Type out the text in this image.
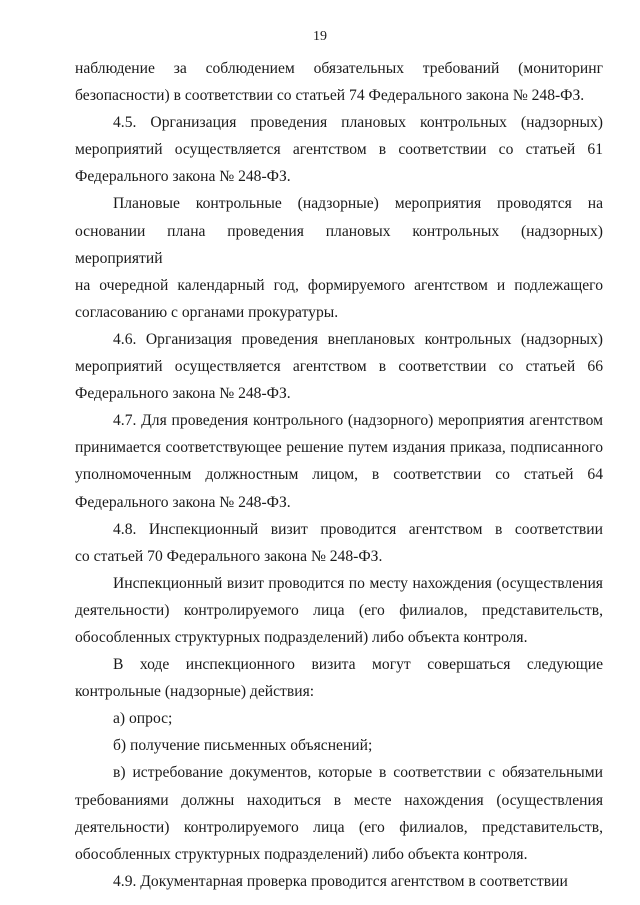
19

наблюдение за соблюдением обязательных требований (мониторинг
безопасности) в соответствии со статьей 74 Федерального закона № 248-ФЗ.

4.5. Организация проведения плановых контрольных (надзорных)
мероприятий осуществляется агентством в соответствии со статьей 61
Федерального закона № 248-ФЗ.

Плановые контрольные (надзорные) мероприятия проводятся на
основании плана проведения плановых контрольных (надзорных) мероприятий
на очередной календарный год, формируемого агентством и подлежащего
согласованию с органами прокуратуры.

4.6. Организация проведения внеплановых контрольных (надзорных)
мероприятий осуществляется агентством в соответствии со статьей 66
Федерального закона № 248-ФЗ.

4.7. Для проведения контрольного (надзорного) мероприятия агентством
принимается соответствующее решение путем издания приказа, подписанного
уполномоченным должностным лицом, в соответствии со статьей 64
Федерального закона № 248-ФЗ.

4.8. Инспекционный визит проводится агентством в соответствии
со статьей 70 Федерального закона № 248-ФЗ.

Инспекционный визит проводится по месту нахождения (осуществления
деятельности) контролируемого лица (его филиалов, представительств,
обособленных структурных подразделений) либо объекта контроля.

В ходе инспекционного визита могут совершаться следующие
контрольные (надзорные) действия:

а) опрос;

б) получение письменных объяснений;

в) истребование документов, которые в соответствии с обязательными
требованиями должны находиться в месте нахождения (осуществления
деятельности) контролируемого лица (его филиалов, представительств,
обособленных структурных подразделений) либо объекта контроля.

4.9. Документарная проверка проводится агентством в соответствии
